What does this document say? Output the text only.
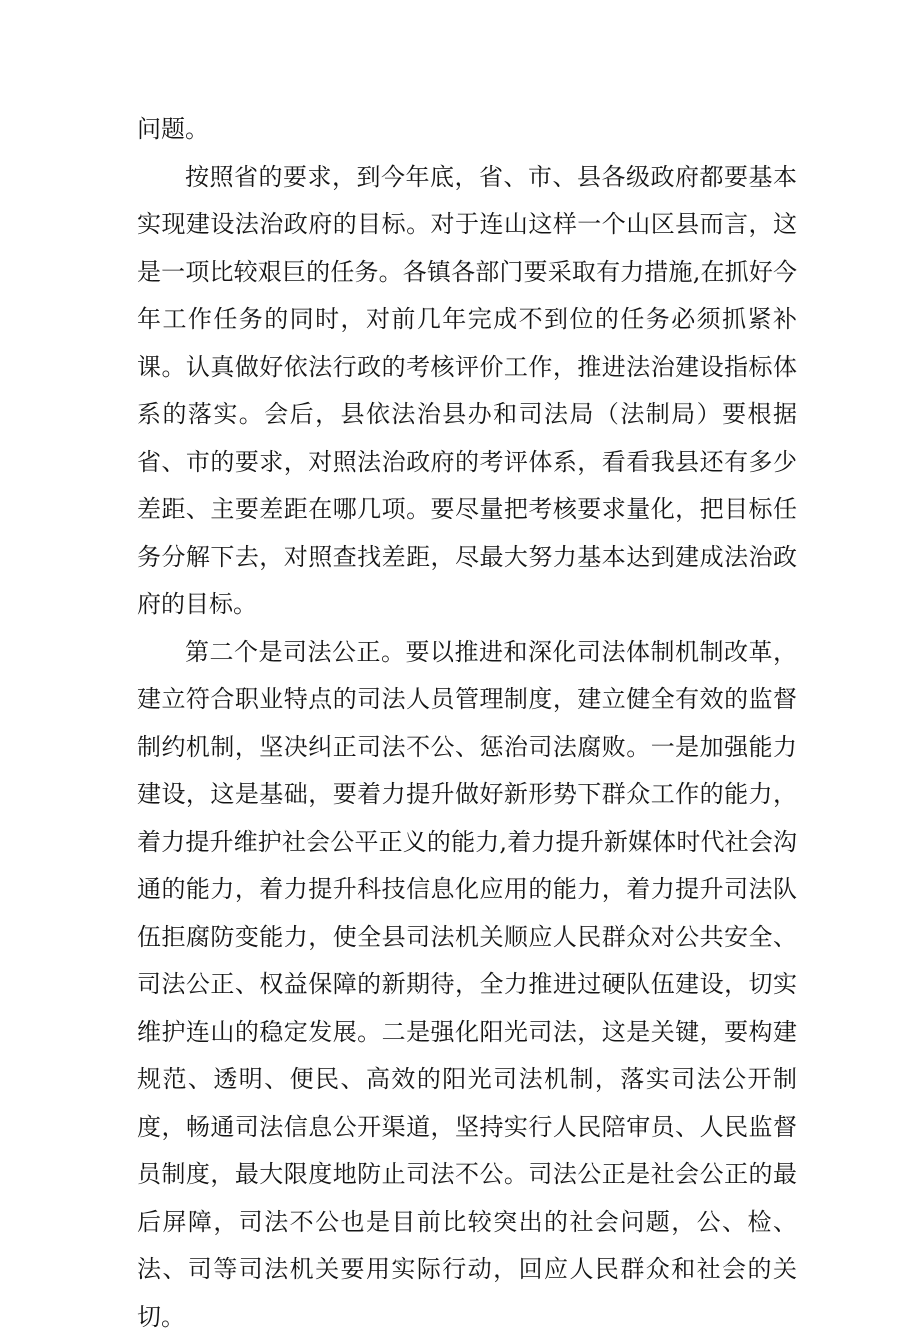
问题。

按照省的要求，到今年底，省、市、县各级政府都要基本实现建设法治政府的目标。对于连山这样一个山区县而言，这是一项比较艰巨的任务。各镇各部门要采取有力措施,在抓好今年工作任务的同时，对前几年完成不到位的任务必须抓紧补课。认真做好依法行政的考核评价工作，推进法治建设指标体系的落实。会后，县依法治县办和司法局（法制局）要根据省、市的要求，对照法治政府的考评体系，看看我县还有多少差距、主要差距在哪几项。要尽量把考核要求量化，把目标任务分解下去，对照查找差距，尽最大努力基本达到建成法治政府的目标。

第二个是司法公正。要以推进和深化司法体制机制改革，建立符合职业特点的司法人员管理制度，建立健全有效的监督制约机制，坚决纠正司法不公、惩治司法腐败。一是加强能力建设，这是基础，要着力提升做好新形势下群众工作的能力，着力提升维护社会公平正义的能力,着力提升新媒体时代社会沟通的能力，着力提升科技信息化应用的能力，着力提升司法队伍拒腐防变能力，使全县司法机关顺应人民群众对公共安全、司法公正、权益保障的新期待，全力推进过硬队伍建设，切实维护连山的稳定发展。二是强化阳光司法，这是关键，要构建规范、透明、便民、高效的阳光司法机制，落实司法公开制度，畅通司法信息公开渠道，坚持实行人民陪审员、人民监督员制度，最大限度地防止司法不公。司法公正是社会公正的最后屏障，司法不公也是目前比较突出的社会问题，公、检、法、司等司法机关要用实际行动，回应人民群众和社会的关切。
